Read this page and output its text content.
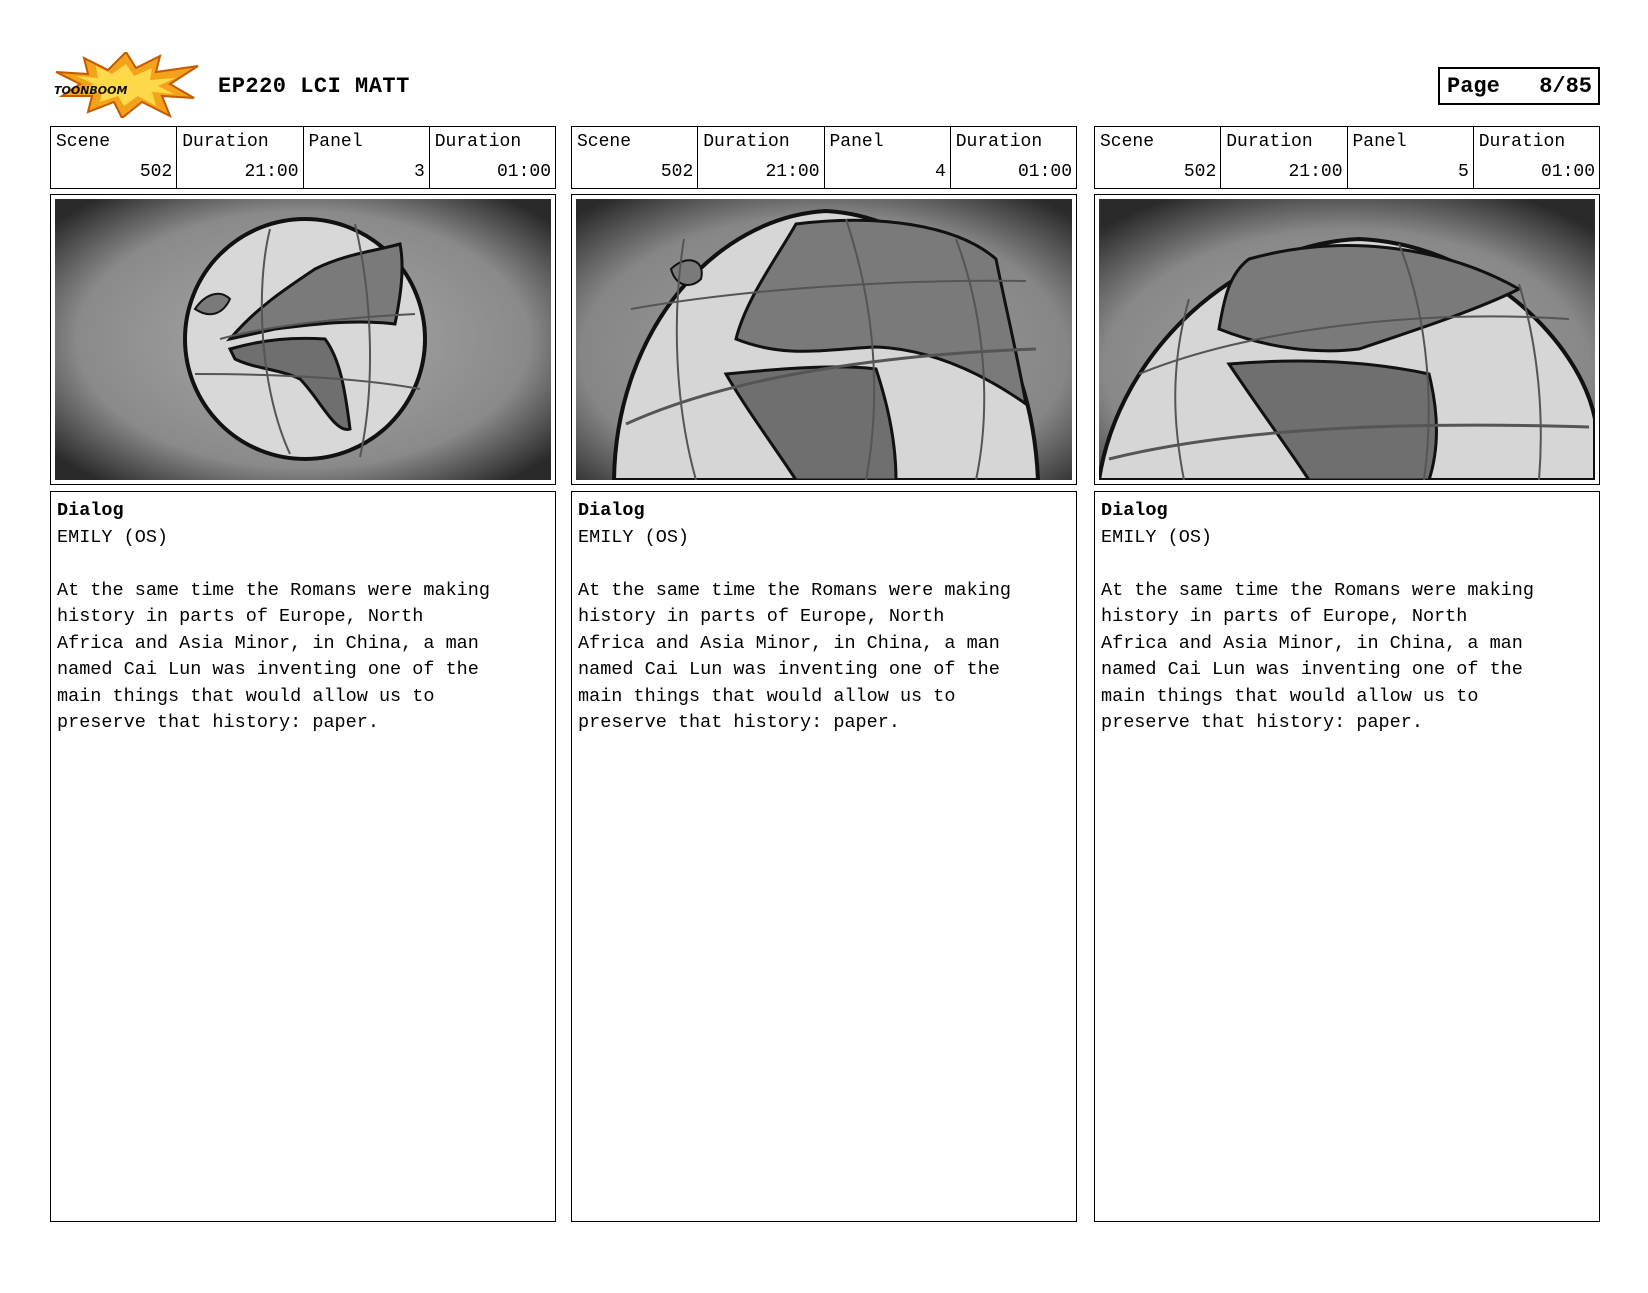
TOONBOOM	EP220 LCI MATT	Page 8/85
Scene
502
Duration
21:00
Panel
3
Duration
01:00
Dialog
EMILY (OS)
At the same time the Romans were making
history in parts of Europe, North
Africa and Asia Minor, in China, a man
named Cai Lun was inventing one of the
main things that would allow us to
preserve that history: paper.
Scene
502
Duration
21:00
Panel
4
Duration
01:00
Dialog
EMILY (OS)
At the same time the Romans were making
history in parts of Europe, North
Africa and Asia Minor, in China, a man
named Cai Lun was inventing one of the
main things that would allow us to
preserve that history: paper.
Scene
502
Duration
21:00
Panel
5
Duration
01:00
Dialog
EMILY (OS)
At the same time the Romans were making
history in parts of Europe, North
Africa and Asia Minor, in China, a man
named Cai Lun was inventing one of the
main things that would allow us to
preserve that history: paper.
